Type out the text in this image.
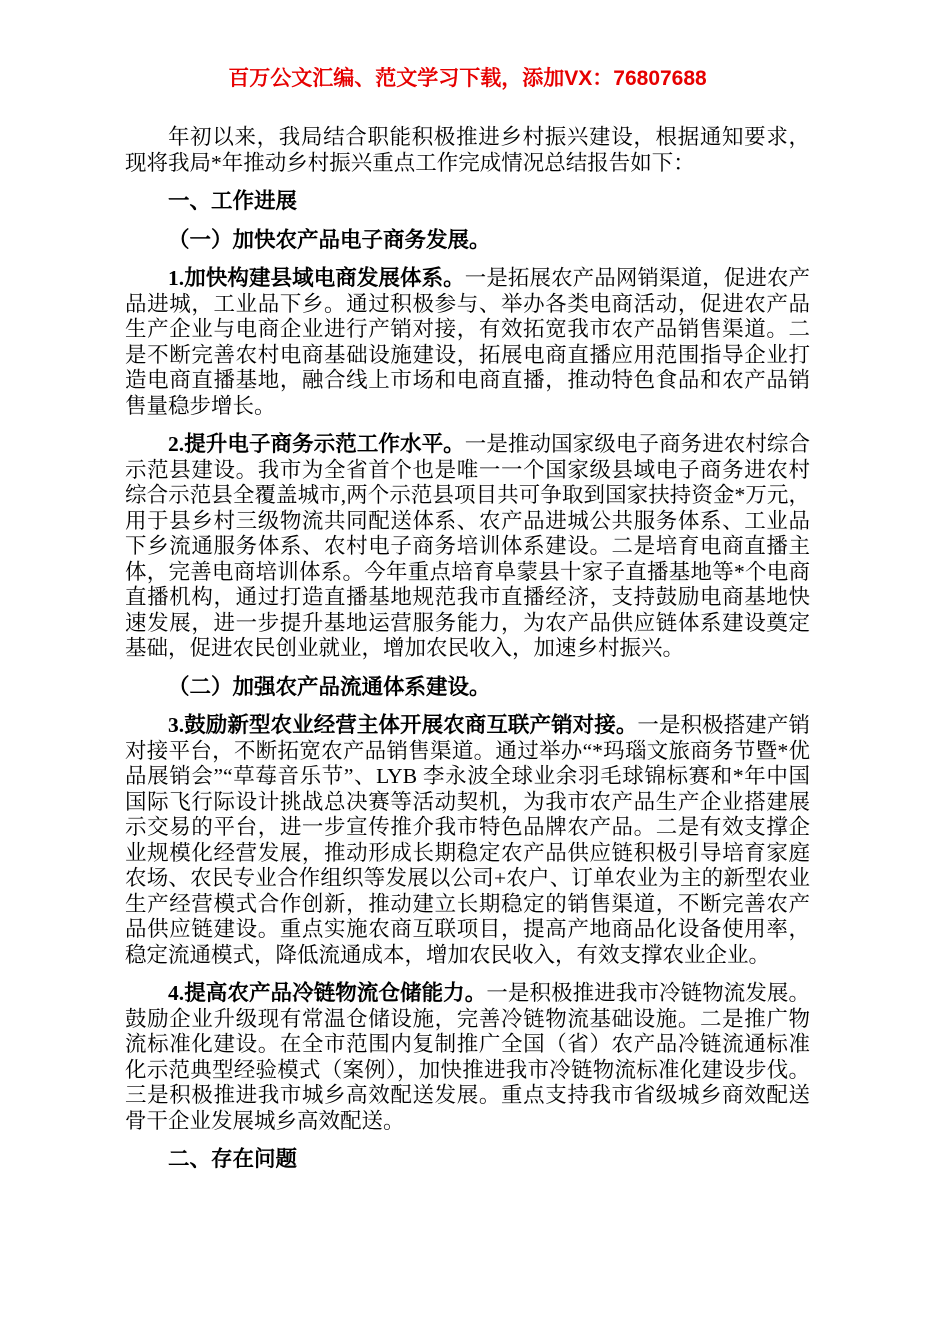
百万公文汇编、范文学习下载，添加VX：76807688

年初以来，我局结合职能积极推进乡村振兴建设，根据通知要求，现将我局*年推动乡村振兴重点工作完成情况总结报告如下：

一、工作进展
（一）加快农产品电子商务发展。

1.加快构建县域电商发展体系。一是拓展农产品网销渠道，促进农产品进城，工业品下乡。通过积极参与、举办各类电商活动，促进农产品生产企业与电商企业进行产销对接，有效拓宽我市农产品销售渠道。二是不断完善农村电商基础设施建设，拓展电商直播应用范围指导企业打造电商直播基地，融合线上市场和电商直播，推动特色食品和农产品销售量稳步增长。

2.提升电子商务示范工作水平。一是推动国家级电子商务进农村综合示范县建设。我市为全省首个也是唯一一个国家级县域电子商务进农村综合示范县全覆盖城市,两个示范县项目共可争取到国家扶持资金*万元，用于县乡村三级物流共同配送体系、农产品进城公共服务体系、工业品下乡流通服务体系、农村电子商务培训体系建设。二是培育电商直播主体，完善电商培训体系。今年重点培育阜蒙县十家子直播基地等*个电商直播机构，通过打造直播基地规范我市直播经济，支持鼓励电商基地快速发展，进一步提升基地运营服务能力，为农产品供应链体系建设奠定基础，促进农民创业就业，增加农民收入，加速乡村振兴。

（二）加强农产品流通体系建设。

3.鼓励新型农业经营主体开展农商互联产销对接。一是积极搭建产销对接平台，不断拓宽农产品销售渠道。通过举办“*玛瑙文旅商务节暨*优品展销会”“草莓音乐节”、LYB 李永波全球业余羽毛球锦标赛和*年中国国际飞行际设计挑战总决赛等活动契机，为我市农产品生产企业搭建展示交易的平台，进一步宣传推介我市特色品牌农产品。二是有效支撑企业规模化经营发展，推动形成长期稳定农产品供应链积极引导培育家庭农场、农民专业合作组织等发展以公司+农户、订单农业为主的新型农业生产经营模式合作创新，推动建立长期稳定的销售渠道，不断完善农产品供应链建设。重点实施农商互联项目，提高产地商品化设备使用率，稳定流通模式，降低流通成本，增加农民收入，有效支撑农业企业。

4.提高农产品冷链物流仓储能力。一是积极推进我市冷链物流发展。鼓励企业升级现有常温仓储设施，完善冷链物流基础设施。二是推广物流标准化建设。在全市范围内复制推广全国（省）农产品冷链流通标准化示范典型经验模式（案例），加快推进我市冷链物流标准化建设步伐。三是积极推进我市城乡高效配送发展。重点支持我市省级城乡商效配送骨干企业发展城乡高效配送。

二、存在问题
